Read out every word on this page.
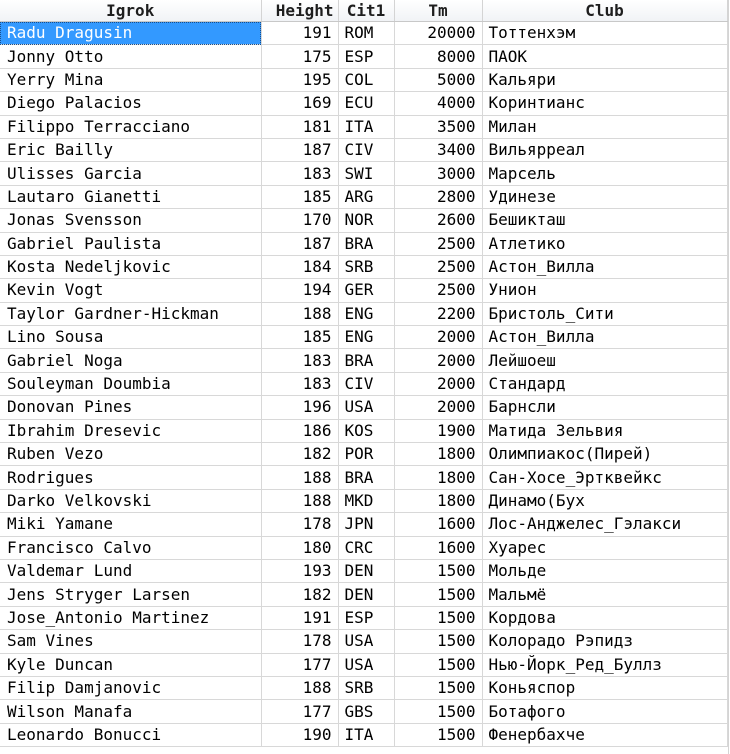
Igrok	Height	Cit1	Tm	Club
Radu Dragusin	191	ROM	20000	Тоттенхэм
Jonny Otto	175	ESP	8000	ПАОК
Yerry Mina	195	COL	5000	Кальяри
Diego Palacios	169	ECU	4000	Коринтианс
Filippo Terracciano	181	ITA	3500	Милан
Eric Bailly	187	CIV	3400	Вильярреал
Ulisses Garcia	183	SWI	3000	Марсель
Lautaro Gianetti	185	ARG	2800	Удинезе
Jonas Svensson	170	NOR	2600	Бешикташ
Gabriel Paulista	187	BRA	2500	Атлетико
Kosta Nedeljkovic	184	SRB	2500	Астон_Вилла
Kevin Vogt	194	GER	2500	Унион
Taylor Gardner-Hickman	188	ENG	2200	Бристоль_Сити
Lino Sousa	185	ENG	2000	Астон_Вилла
Gabriel Noga	183	BRA	2000	Лейшоеш
Souleyman Doumbia	183	CIV	2000	Стандард
Donovan Pines	196	USA	2000	Барнсли
Ibrahim Dresevic	186	KOS	1900	Матида Зельвия
Ruben Vezo	182	POR	1800	Олимпиакос(Пирей)
Rodrigues	188	BRA	1800	Сан-Хосе_Эртквейкс
Darko Velkovski	188	MKD	1800	Динамо(Бух
Miki Yamane	178	JPN	1600	Лос-Анджелес_Гэлакси
Francisco Calvo	180	CRC	1600	Хуарес
Valdemar Lund	193	DEN	1500	Мольде
Jens Stryger Larsen	182	DEN	1500	Мальмё
Jose_Antonio Martinez	191	ESP	1500	Кордова
Sam Vines	178	USA	1500	Колорадо Рэпидз
Kyle Duncan	177	USA	1500	Нью-Йорк_Ред_Буллз
Filip Damjanovic	188	SRB	1500	Коньяспор
Wilson Manafa	177	GBS	1500	Ботафого
Leonardo Bonucci	190	ITA	1500	Фенербахче
